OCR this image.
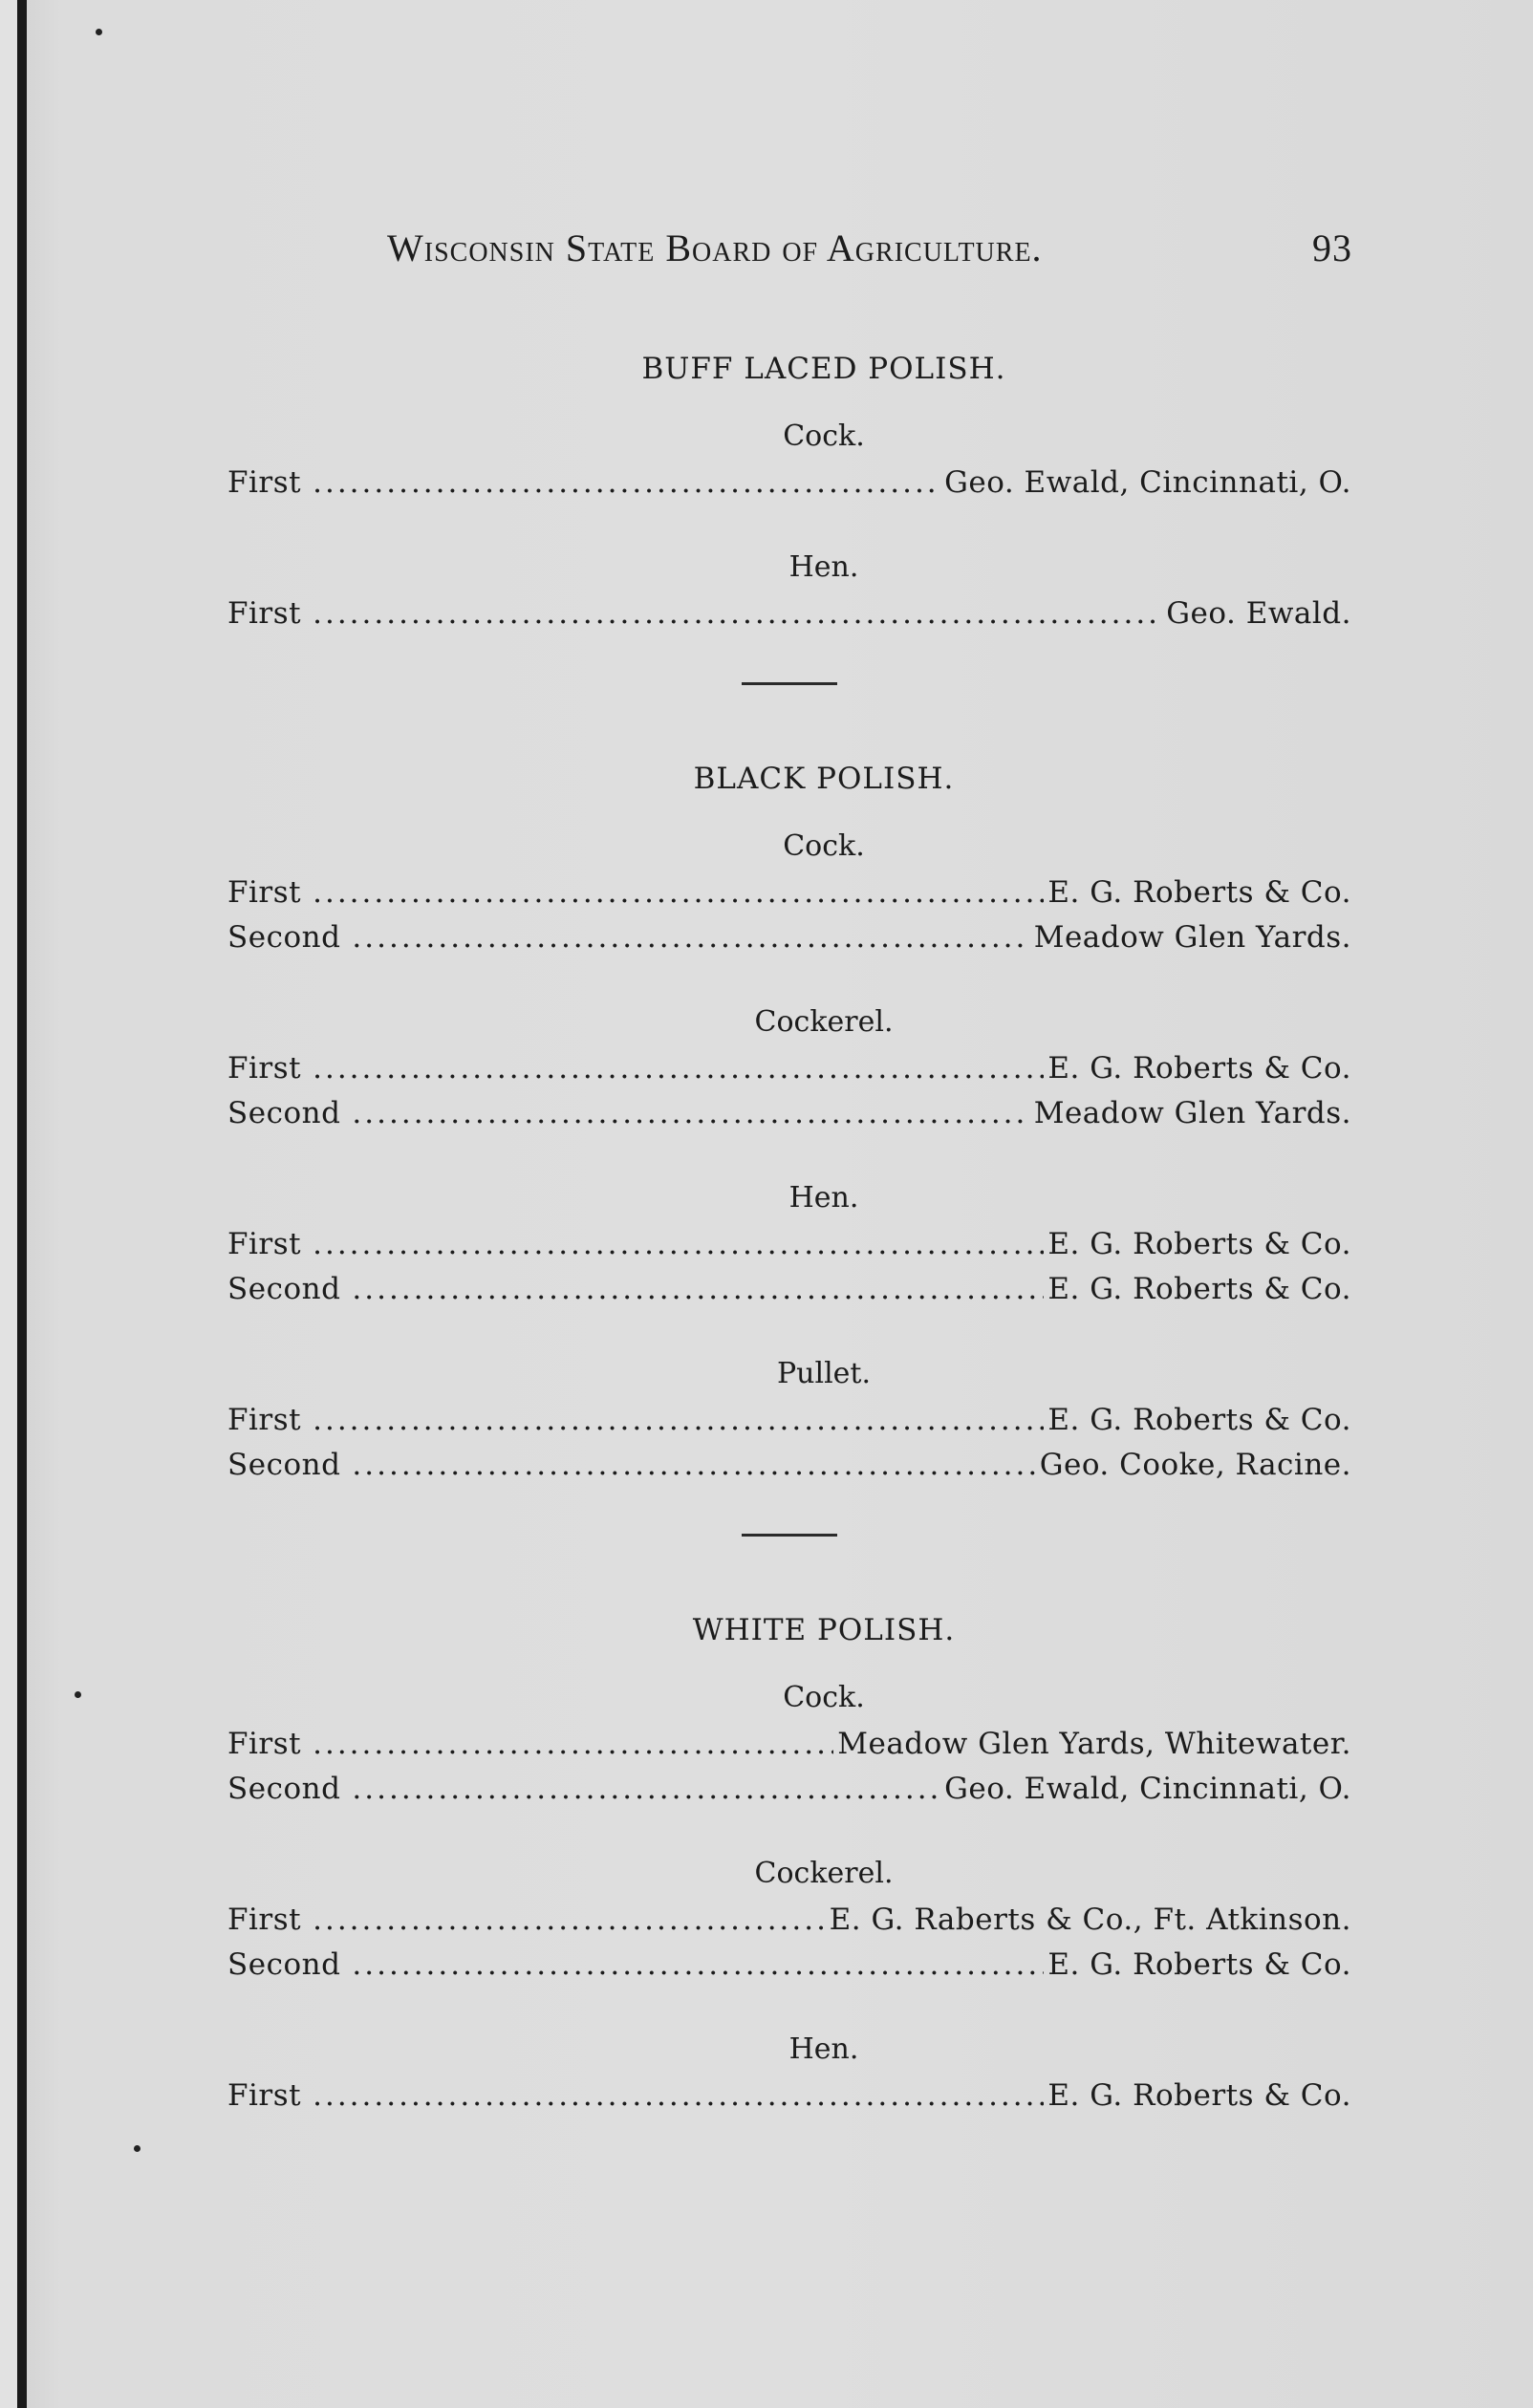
Wisconsin State Board of Agriculture.	93
BUFF LACED POLISH.
Cock.
First .....	Geo. Ewald, Cincinnati, O.
Hen.
First .....	Geo. Ewald.
BLACK POLISH.
Cock.
First .....	E. G. Roberts & Co.
Second .....	Meadow Glen Yards.
Cockerel.
First .....	E. G. Roberts & Co.
Second .....	Meadow Glen Yards.
Hen.
First .....	E. G. Roberts & Co.
Second .....	E. G. Roberts & Co.
Pullet.
First .....	E. G. Roberts & Co.
Second .....	Geo. Cooke, Racine.
WHITE POLISH.
Cock.
First .....	Meadow Glen Yards, Whitewater.
Second .....	Geo. Ewald, Cincinnati, O.
Cockerel.
First .....	E. G. Raberts & Co., Ft. Atkinson.
Second .....	E. G. Roberts & Co.
Hen.
First .....	E. G. Roberts & Co.
